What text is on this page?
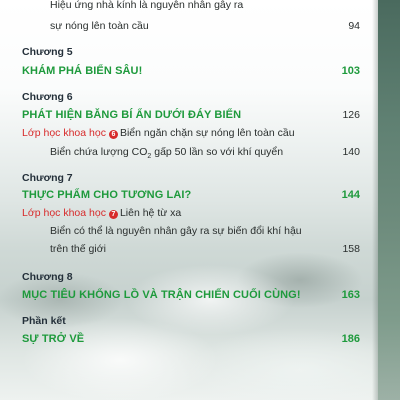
Hiệu ứng nhà kính là nguyên nhân gây ra
sự nóng lên toàn cầu	94
Chương 5
KHÁM PHÁ BIỂN SÂU!	103
Chương 6
PHÁT HIỆN BĂNG BÍ ẨN DƯỚI ĐÁY BIỂN	126
Lớp học khoa học 6 Biển ngăn chặn sự nóng lên toàn cầu
Biển chứa lượng $CO_2$ gấp 50 lần so với khí quyển	140
Chương 7
THỰC PHẨM CHO TƯƠNG LAI?	144
Lớp học khoa học 7 Liên hệ từ xa
Biển có thể là nguyên nhân gây ra sự biến đổi khí hậu
trên thế giới	158
Chương 8
MỤC TIÊU KHỔNG LỒ VÀ TRẬN CHIẾN CUỐI CÙNG!	163
Phần kết
SỰ TRỞ VỀ	186
